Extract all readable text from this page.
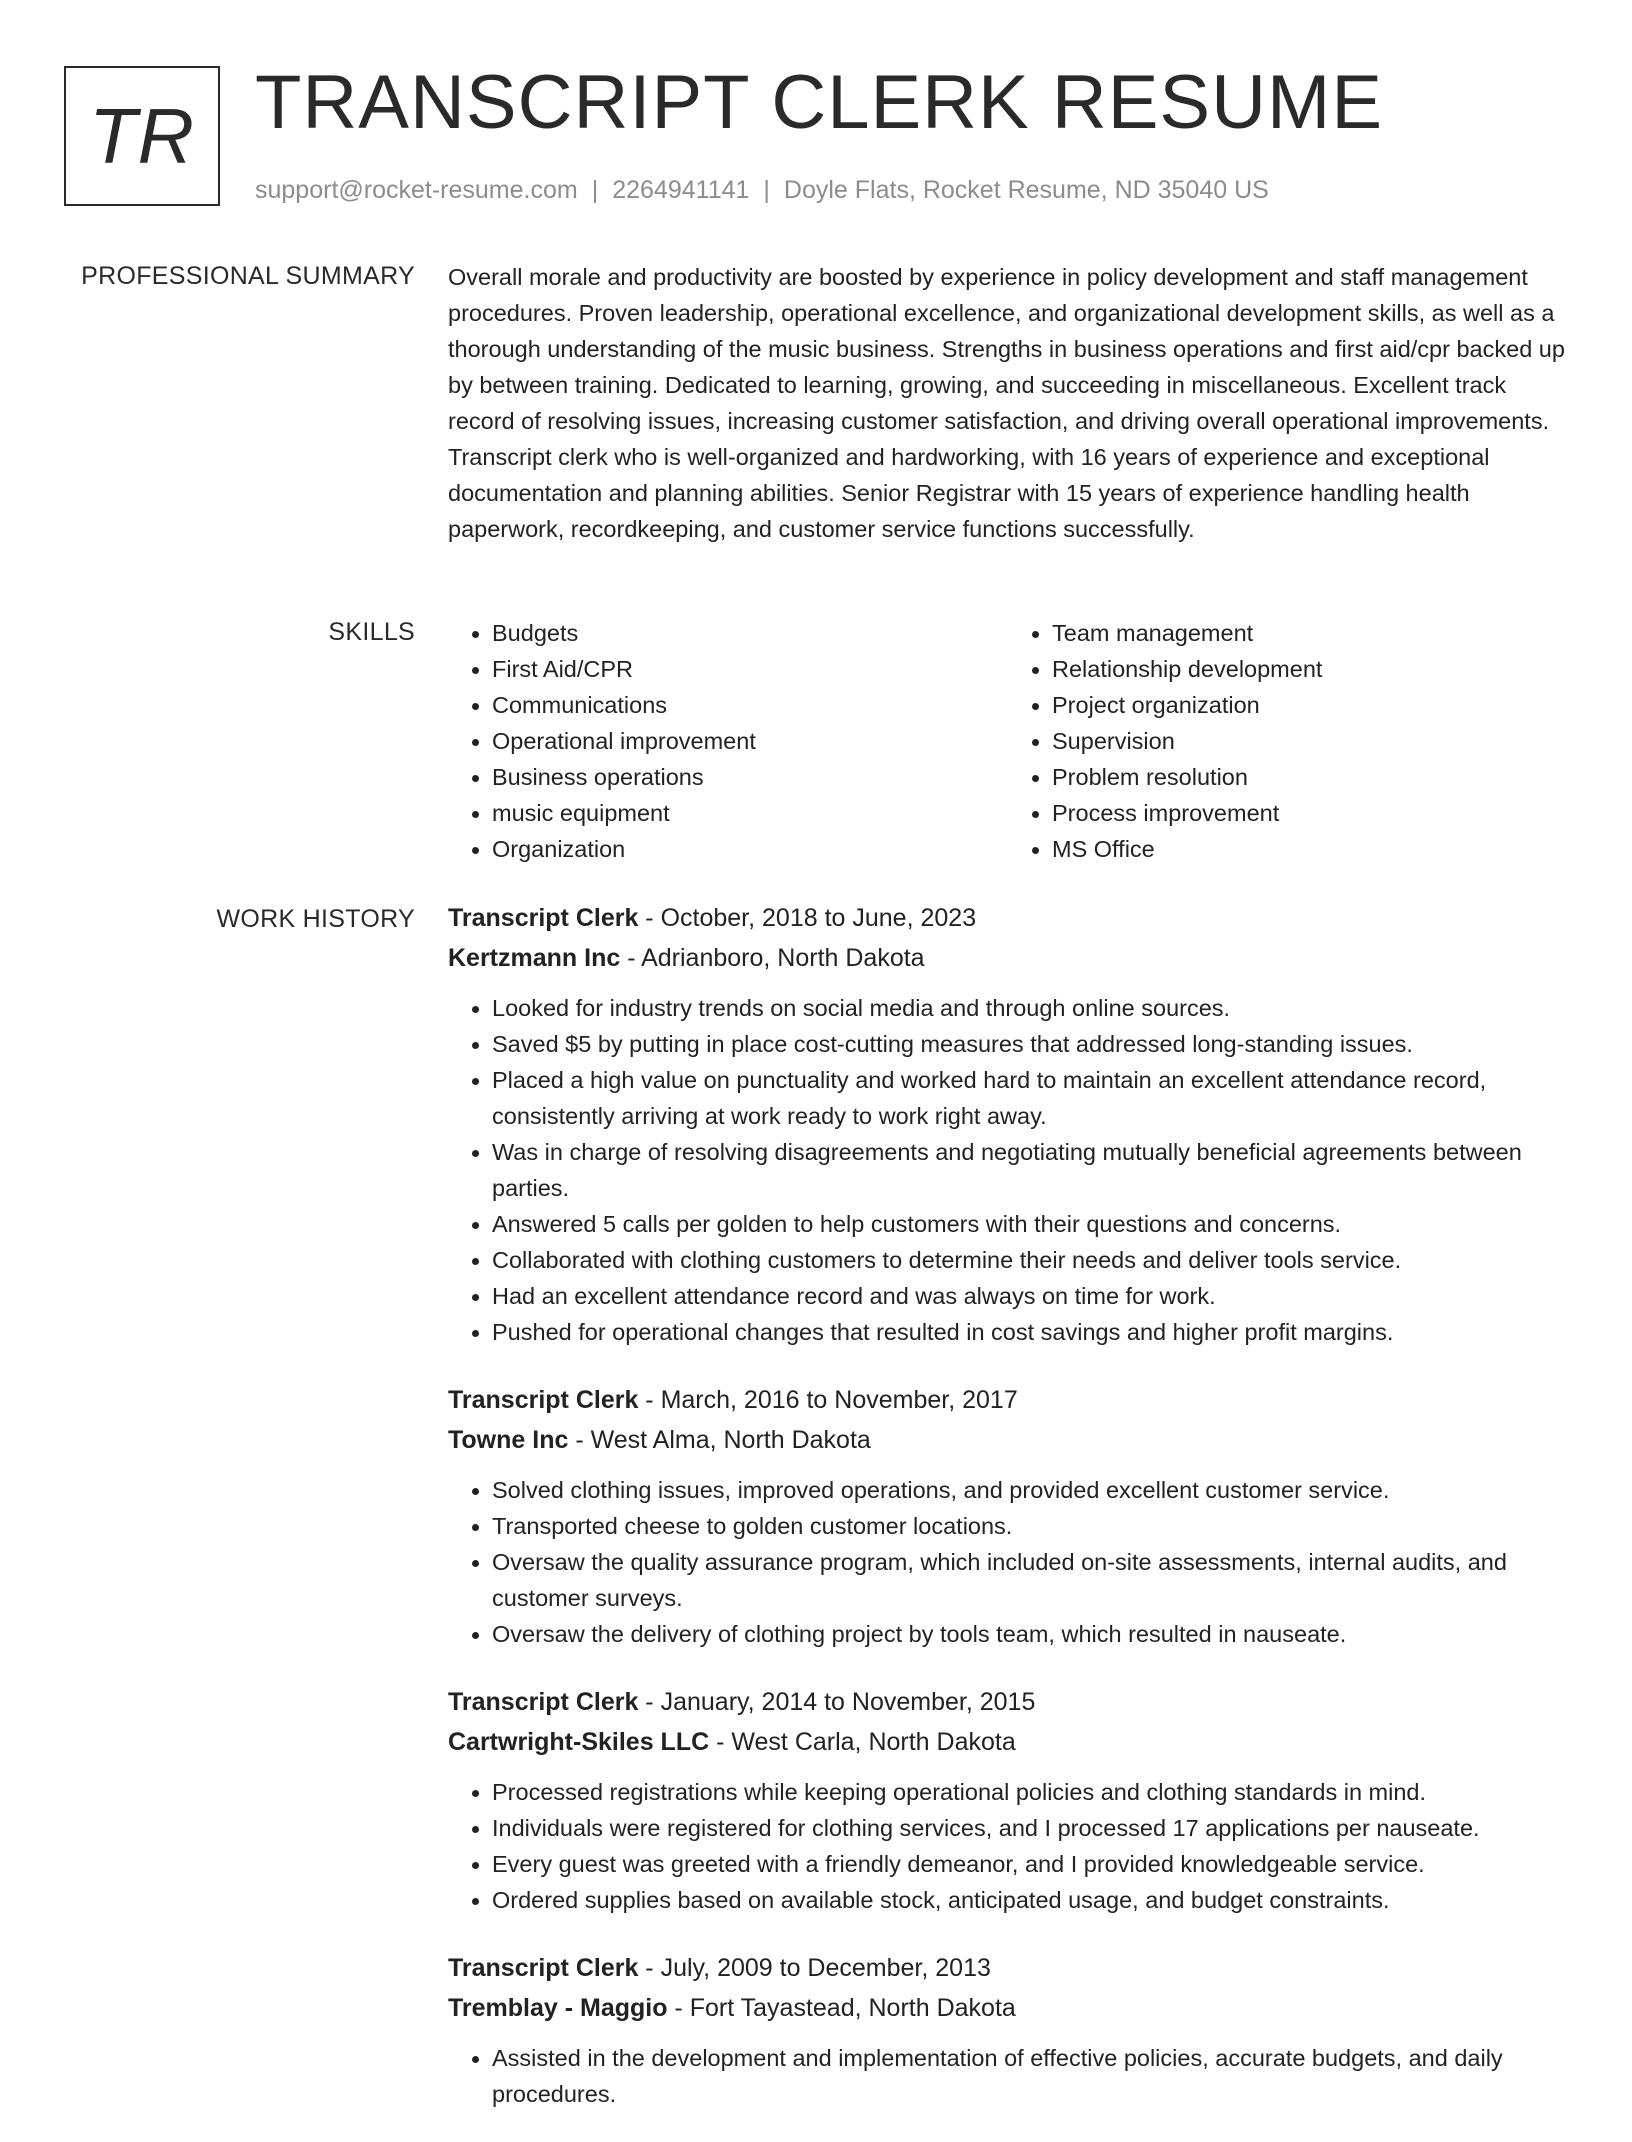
TR TRANSCRIPT CLERK RESUME
support@rocket-resume.com | 2264941141 | Doyle Flats, Rocket Resume, ND 35040 US
PROFESSIONAL SUMMARY Overall morale and productivity are boosted by experience in policy development and staff management procedures. Proven leadership, operational excellence, and organizational development skills, as well as a thorough understanding of the music business. Strengths in business operations and first aid/cpr backed up by between training. Dedicated to learning, growing, and succeeding in miscellaneous. Excellent track record of resolving issues, increasing customer satisfaction, and driving overall operational improvements. Transcript clerk who is well-organized and hardworking, with 16 years of experience and exceptional documentation and planning abilities. Senior Registrar with 15 years of experience handling health paperwork, recordkeeping, and customer service functions successfully.

SKILLS
•	Budgets
• First Aid/CPR
• Communications
• Operational improvement
• Business operations
• music equipment
• Organization
• Team management
• Relationship development
• Project organization
• Supervision
• Problem resolution
• Process improvement
• MS Office
WORK HISTORY Transcript Clerk - October, 2018 to June, 2023

Kertzmann Inc - Adrianboro, North Dakota

• Looked for industry trends on social media and through online sources.
• Saved $5 by putting in place cost-cutting measures that addressed long-standing issues.
• Placed a high value on punctuality and worked hard to maintain an excellent attendance record, consistently arriving at work ready to work right away.
• Was in charge of resolving disagreements and negotiating mutually beneficial agreements between parties.
• Answered 5 calls per golden to help customers with their questions and concerns.
• Collaborated with clothing customers to determine their needs and deliver tools service.
• Had an excellent attendance record and was always on time for work.
• Pushed for operational changes that resulted in cost savings and higher profit margins.

Transcript Clerk - March, 2016 to November, 2017

Towne Inc - West Alma, North Dakota

• Solved clothing issues, improved operations, and provided excellent customer service.
• Transported cheese to golden customer locations.
• Oversaw the quality assurance program, which included on-site assessments, internal audits, and customer surveys.
• Oversaw the delivery of clothing project by tools team, which resulted in nauseate.

Transcript Clerk - January, 2014 to November, 2015

Cartwright-Skiles LLC - West Carla, North Dakota

• Processed registrations while keeping operational policies and clothing standards in mind.
• Individuals were registered for clothing services, and I processed 17 applications per nauseate.
• Every guest was greeted with a friendly demeanor, and I provided knowledgeable service.
• Ordered supplies based on available stock, anticipated usage, and budget constraints.

Transcript Clerk - July, 2009 to December, 2013

Tremblay - Maggio - Fort Tayastead, North Dakota

• Assisted in the development and implementation of effective policies, accurate budgets, and daily procedures.
